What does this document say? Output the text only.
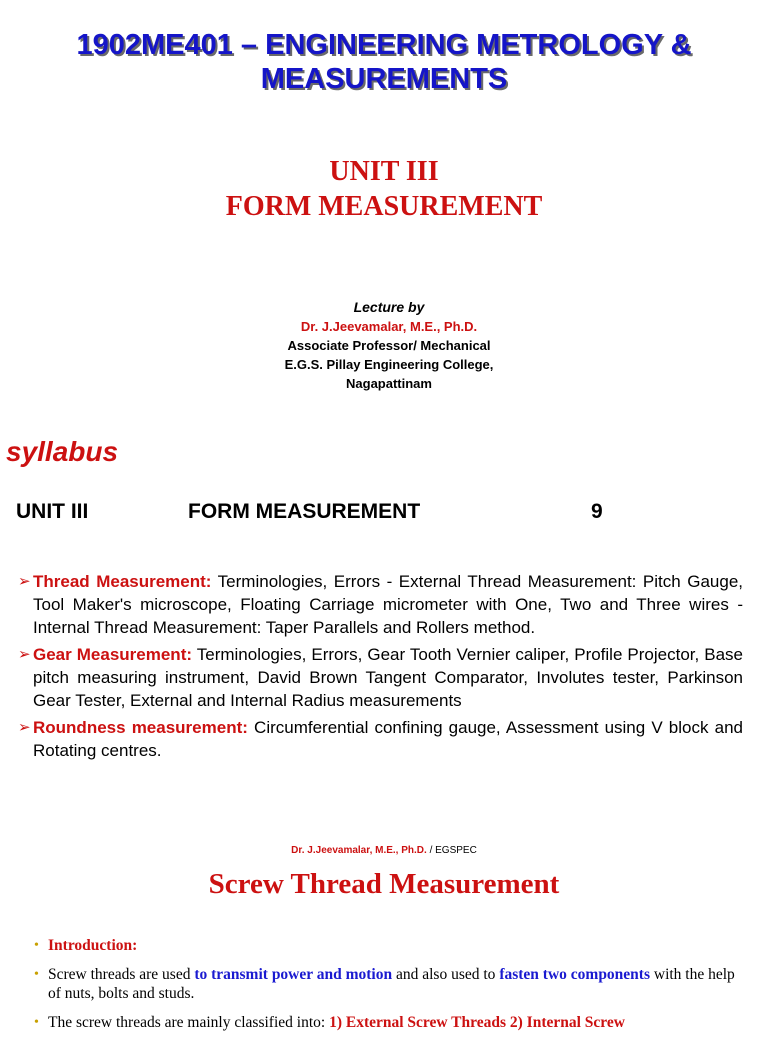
1902ME401 – ENGINEERING METROLOGY &
MEASUREMENTS
UNIT III
FORM MEASUREMENT
Lecture by
Dr. J.Jeevamalar, M.E., Ph.D.
Associate Professor/ Mechanical
E.G.S. Pillay Engineering College,
Nagapattinam
syllabus
UNIT III	FORM MEASUREMENT	9
➢ Thread Measurement: Terminologies, Errors - External Thread Measurement: Pitch Gauge, Tool Maker's microscope, Floating Carriage micrometer with One, Two and Three wires - Internal Thread Measurement: Taper Parallels and Rollers method.
➢ Gear Measurement: Terminologies, Errors, Gear Tooth Vernier caliper, Profile Projector, Base pitch measuring instrument, David Brown Tangent Comparator, Involutes tester, Parkinson Gear Tester, External and Internal Radius measurements
➢ Roundness measurement: Circumferential confining gauge, Assessment using V block and Rotating centres.
Dr. J.Jeevamalar, M.E., Ph.D. / EGSPEC
Screw Thread Measurement
• Introduction:
• Screw threads are used to transmit power and motion and also used to fasten two components with the help of nuts, bolts and studs.
• The screw threads are mainly classified into: 1) External Screw Threads 2) Internal Screw
